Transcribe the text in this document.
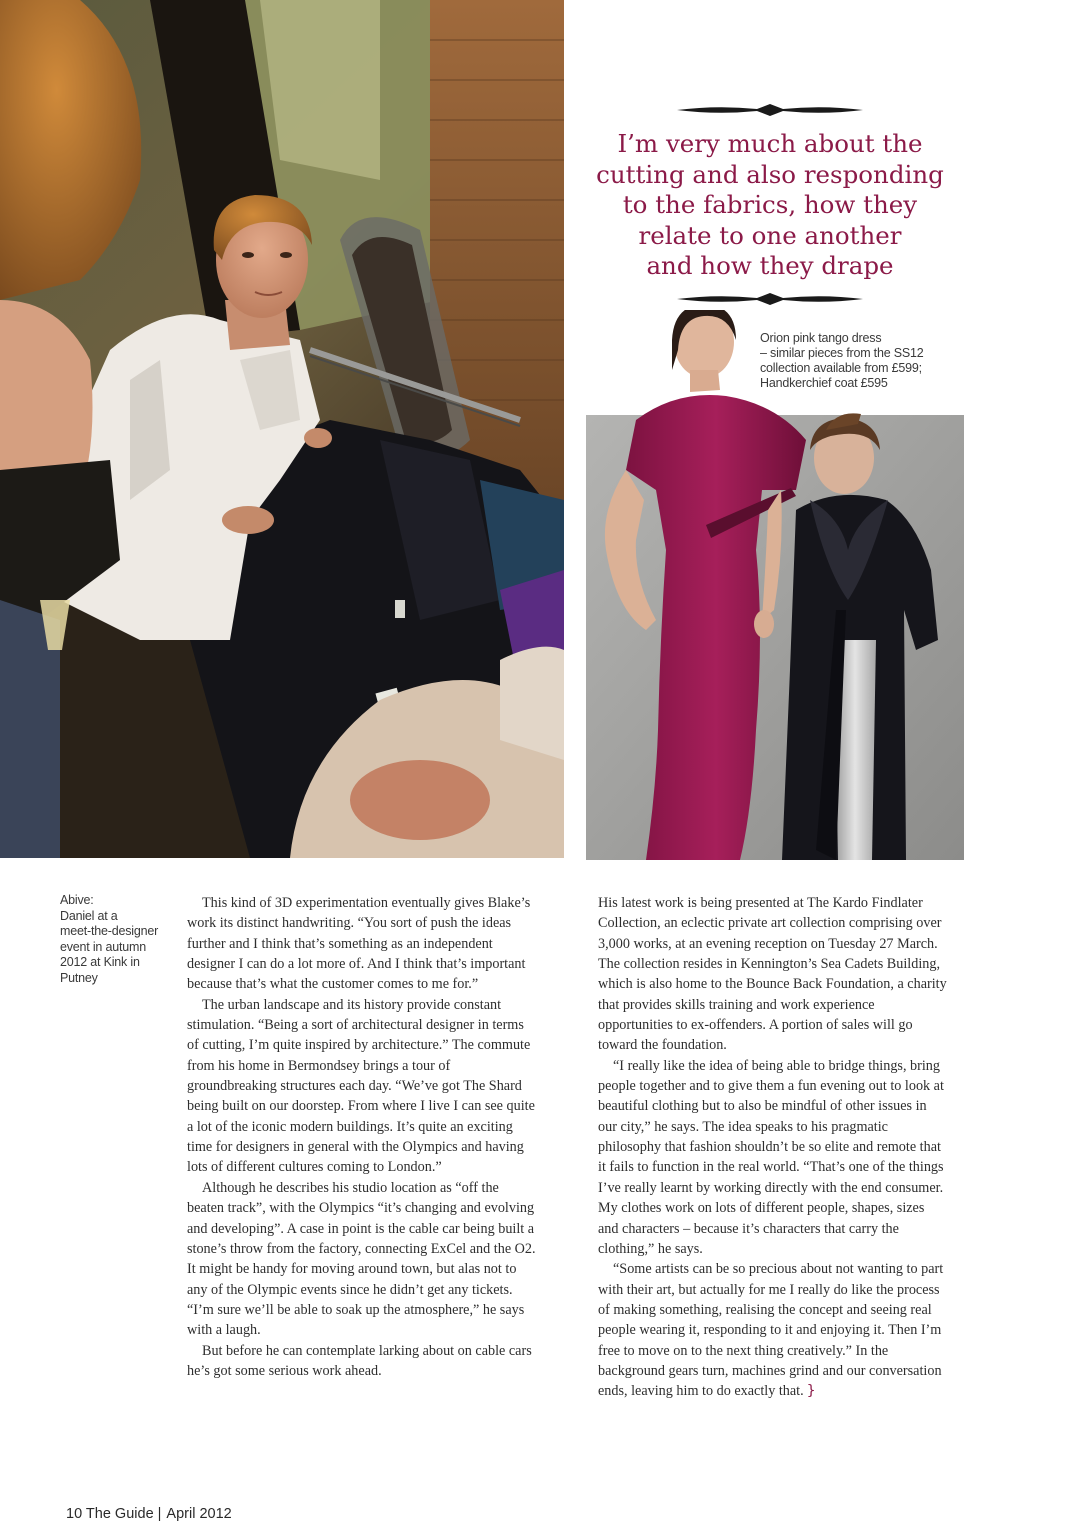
I’m very much about the
cutting and also responding
to the fabrics, how they
relate to one another
and how they drape
Orion pink tango dress
– similar pieces from the SS12
collection available from £599;
Handkerchief coat £595
Abive:
Daniel at a
meet-the-designer
event in autumn
2012 at Kink in
Putney

This kind of 3D experimentation eventually gives Blake’s work its distinct handwriting. “You sort of push the ideas further and I think that’s something as an independent designer I can do a lot more of. And I think that’s important because that’s what the customer comes to me for.”

The urban landscape and its history provide constant stimulation. “Being a sort of architectural designer in terms of cutting, I’m quite inspired by architecture.” The commute from his home in Bermondsey brings a tour of groundbreaking structures each day. “We’ve got The Shard being built on our doorstep. From where I live I can see quite a lot of the iconic modern buildings. It’s quite an exciting time for designers in general with the Olympics and having lots of different cultures coming to London.”

Although he describes his studio location as “off the beaten track”, with the Olympics “it’s changing and evolving and developing”. A case in point is the cable car being built a stone’s throw from the factory, connecting ExCel and the O2. It might be handy for moving around town, but alas not to any of the Olympic events since he didn’t get any tickets. “I’m sure we’ll be able to soak up the atmosphere,” he says with a laugh.

But before he can contemplate larking about on cable cars he’s got some serious work ahead.

His latest work is being presented at The Kardo Findlater Collection, an eclectic private art collection comprising over 3,000 works, at an evening reception on Tuesday 27 March. The collection resides in Kennington’s Sea Cadets Building, which is also home to the Bounce Back Foundation, a charity that provides skills training and work experience opportunities to ex-offenders. A portion of sales will go toward the foundation.

“I really like the idea of being able to bridge things, bring people together and to give them a fun evening out to look at beautiful clothing but to also be mindful of other issues in our city,” he says. The idea speaks to his pragmatic philosophy that fashion shouldn’t be so elite and remote that it fails to function in the real world. “That’s one of the things I’ve really learnt by working directly with the end consumer. My clothes work on lots of different people, shapes, sizes and characters – because it’s characters that carry the clothing,” he says.

“Some artists can be so precious about not wanting to part with their art, but actually for me I really do like the process of making something, realising the concept and seeing real people wearing it, responding to it and enjoying it. Then I’m free to move on to the next thing creatively.” In the background gears turn, machines grind and our conversation ends, leaving him to do exactly that. }

10 The Guide | April 2012
